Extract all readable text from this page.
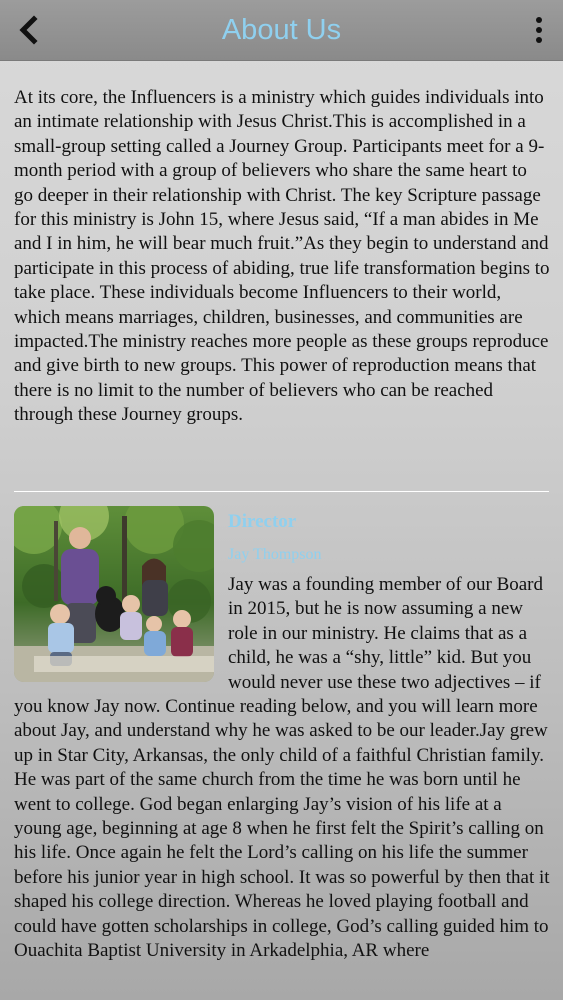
About Us

At its core, the Influencers is a ministry which guides individuals into an intimate relationship with Jesus Christ.This is accomplished in a small-group setting called a Journey Group. Participants meet for a 9-month period with a group of believers who share the same heart to go deeper in their relationship with Christ. The key Scripture passage for this ministry is John 15, where Jesus said, “If a man abides in Me and I in him, he will bear much fruit.”As they begin to understand and participate in this process of abiding, true life transformation begins to take place. These individuals become Influencers to their world, which means marriages, children, businesses, and communities are impacted.The ministry reaches more people as these groups reproduce and give birth to new groups. This power of reproduction means that there is no limit to the number of believers who can be reached through these Journey groups.

Director
Jay Thompson

Jay was a founding member of our Board in 2015, but he is now assuming a new role in our ministry. He claims that as a child, he was a “shy, little” kid. But you would never use these two adjectives – if you know Jay now. Continue reading below, and you will learn more about Jay, and understand why he was asked to be our leader.Jay grew up in Star City, Arkansas, the only child of a faithful Christian family. He was part of the same church from the time he was born until he went to college. God began enlarging Jay’s vision of his life at a young age, beginning at age 8 when he first felt the Spirit’s calling on his life. Once again he felt the Lord’s calling on his life the summer before his junior year in high school. It was so powerful by then that it shaped his college direction. Whereas he loved playing football and could have gotten scholarships in college, God’s calling guided him to Ouachita Baptist University in Arkadelphia, AR where
